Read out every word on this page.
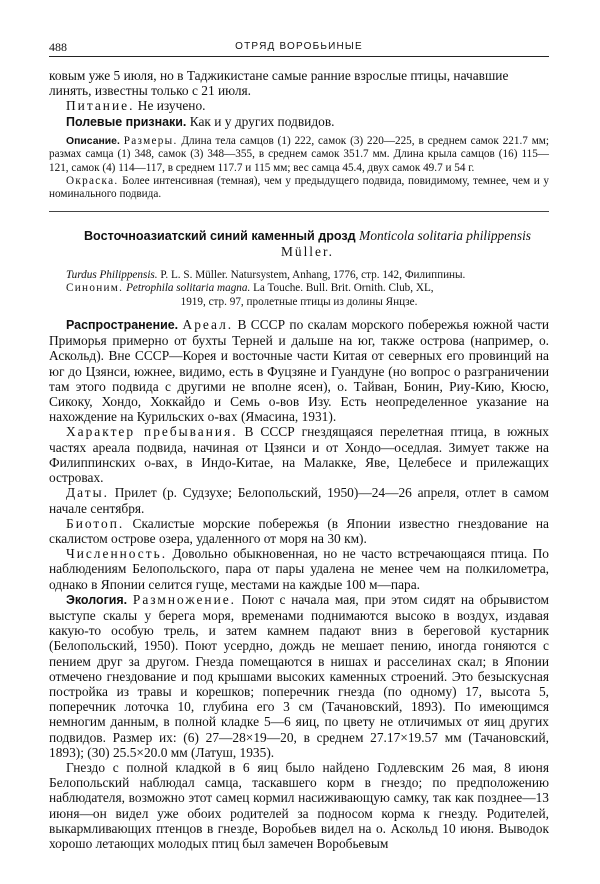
488	ОТРЯД ВОРОБЬИНЫЕ

ковым уже 5 июля, но в Таджикистане самые ранние взрослые птицы, начавшие
линять, известны только с 21 июля.

Питание. Не изучено.

Полевые признаки. Как и у других подвидов.

Описание. Размеры. Длина тела самцов (1) 222, самок (3) 220—225, в среднем самок 221.7 мм; размах самца (1) 348, самок (3) 348—355, в среднем самок 351.7 мм. Длина крыла самцов (16) 115—121, самок (4) 114—117, в среднем 117.7 и 115 мм; вес самца 45.4, двух самок 49.7 и 54 г.

Окраска. Более интенсивная (темная), чем у предыдущего подвида, повидимому, темнее, чем и у номинального подвида.

Восточноазиатский синий каменный дрозд Monticola solitaria philippensis

Müller.

Turdus Philippensis. P. L. S. Müller. Natursystem, Anhang, 1776, стр. 142, Филиппины.

Синоним. Petrophila solitaria magna. La Touche. Bull. Brit. Ornith. Club, XL,

1919, стр. 97, пролетные птицы из долины Янцзе.

Распространение. Ареал. В СССР по скалам морского побережья южной части Приморья примерно от бухты Терней и дальше на юг, также острова (например, о. Аскольд). Вне СССР—Корея и восточные части Китая от северных его провинций на юг до Цзянси, южнее, видимо, есть в Фуцзяне и Гуандуне (но вопрос о разграничении там этого подвида с другими не вполне ясен), о. Тайван, Бонин, Риу-Кию, Кюсю, Сикоку, Хондо, Хоккайдо и Семь о-вов Изу. Есть неопределенное указание на нахождение на Курильских о-вах (Ямасина, 1931).

Характер пребывания. В СССР гнездящаяся перелетная птица, в южных частях ареала подвида, начиная от Цзянси и от Хондо—оседлая. Зимует также на Филиппинских о-вах, в Индо-Китае, на Малакке, Яве, Целебесе и прилежащих островах.

Даты. Прилет (р. Судзухе; Белопольский, 1950)—24—26 апреля, отлет в самом начале сентября.

Биотоп. Скалистые морские побережья (в Японии известно гнездование на скалистом острове озера, удаленного от моря на 30 км).

Численность. Довольно обыкновенная, но не часто встречающаяся птица. По наблюдениям Белопольского, пара от пары удалена не менее чем на полкилометра, однако в Японии селится гуще, местами на каждые 100 м—пара.

Экология. Размножение. Поют с начала мая, при этом сидят на обрывистом выступе скалы у берега моря, временами поднимаются высоко в воздух, издавая какую-то особую трель, и затем камнем падают вниз в береговой кустарник (Белопольский, 1950). Поют усердно, дождь не мешает пению, иногда гоняются с пением друг за другом. Гнезда помещаются в нишах и расселинах скал; в Японии отмечено гнездование и под крышами высоких каменных строений. Это безыскусная постройка из травы и корешков; поперечник гнезда (по одному) 17, высота 5, поперечник лоточка 10, глубина его 3 см (Тачановский, 1893). По имеющимся немногим данным, в полной кладке 5—6 яиц, по цвету не отличимых от яиц других подвидов. Размер их: (6) 27—28×19—20, в среднем 27.17×19.57 мм (Тачановский, 1893); (30) 25.5×20.0 мм (Латуш, 1935).

Гнездо с полной кладкой в 6 яиц было найдено Годлевским 26 мая, 8 июня Белопольский наблюдал самца, таскавшего корм в гнездо; по предположению наблюдателя, возможно этот самец кормил насиживающую самку, так как позднее—13 июня—он видел уже обоих родителей за подносом корма к гнезду. Родителей, выкармливающих птенцов в гнезде, Воробьев видел на о. Аскольд 10 июня. Выводок хорошо летающих молодых птиц был замечен Воробьевым
